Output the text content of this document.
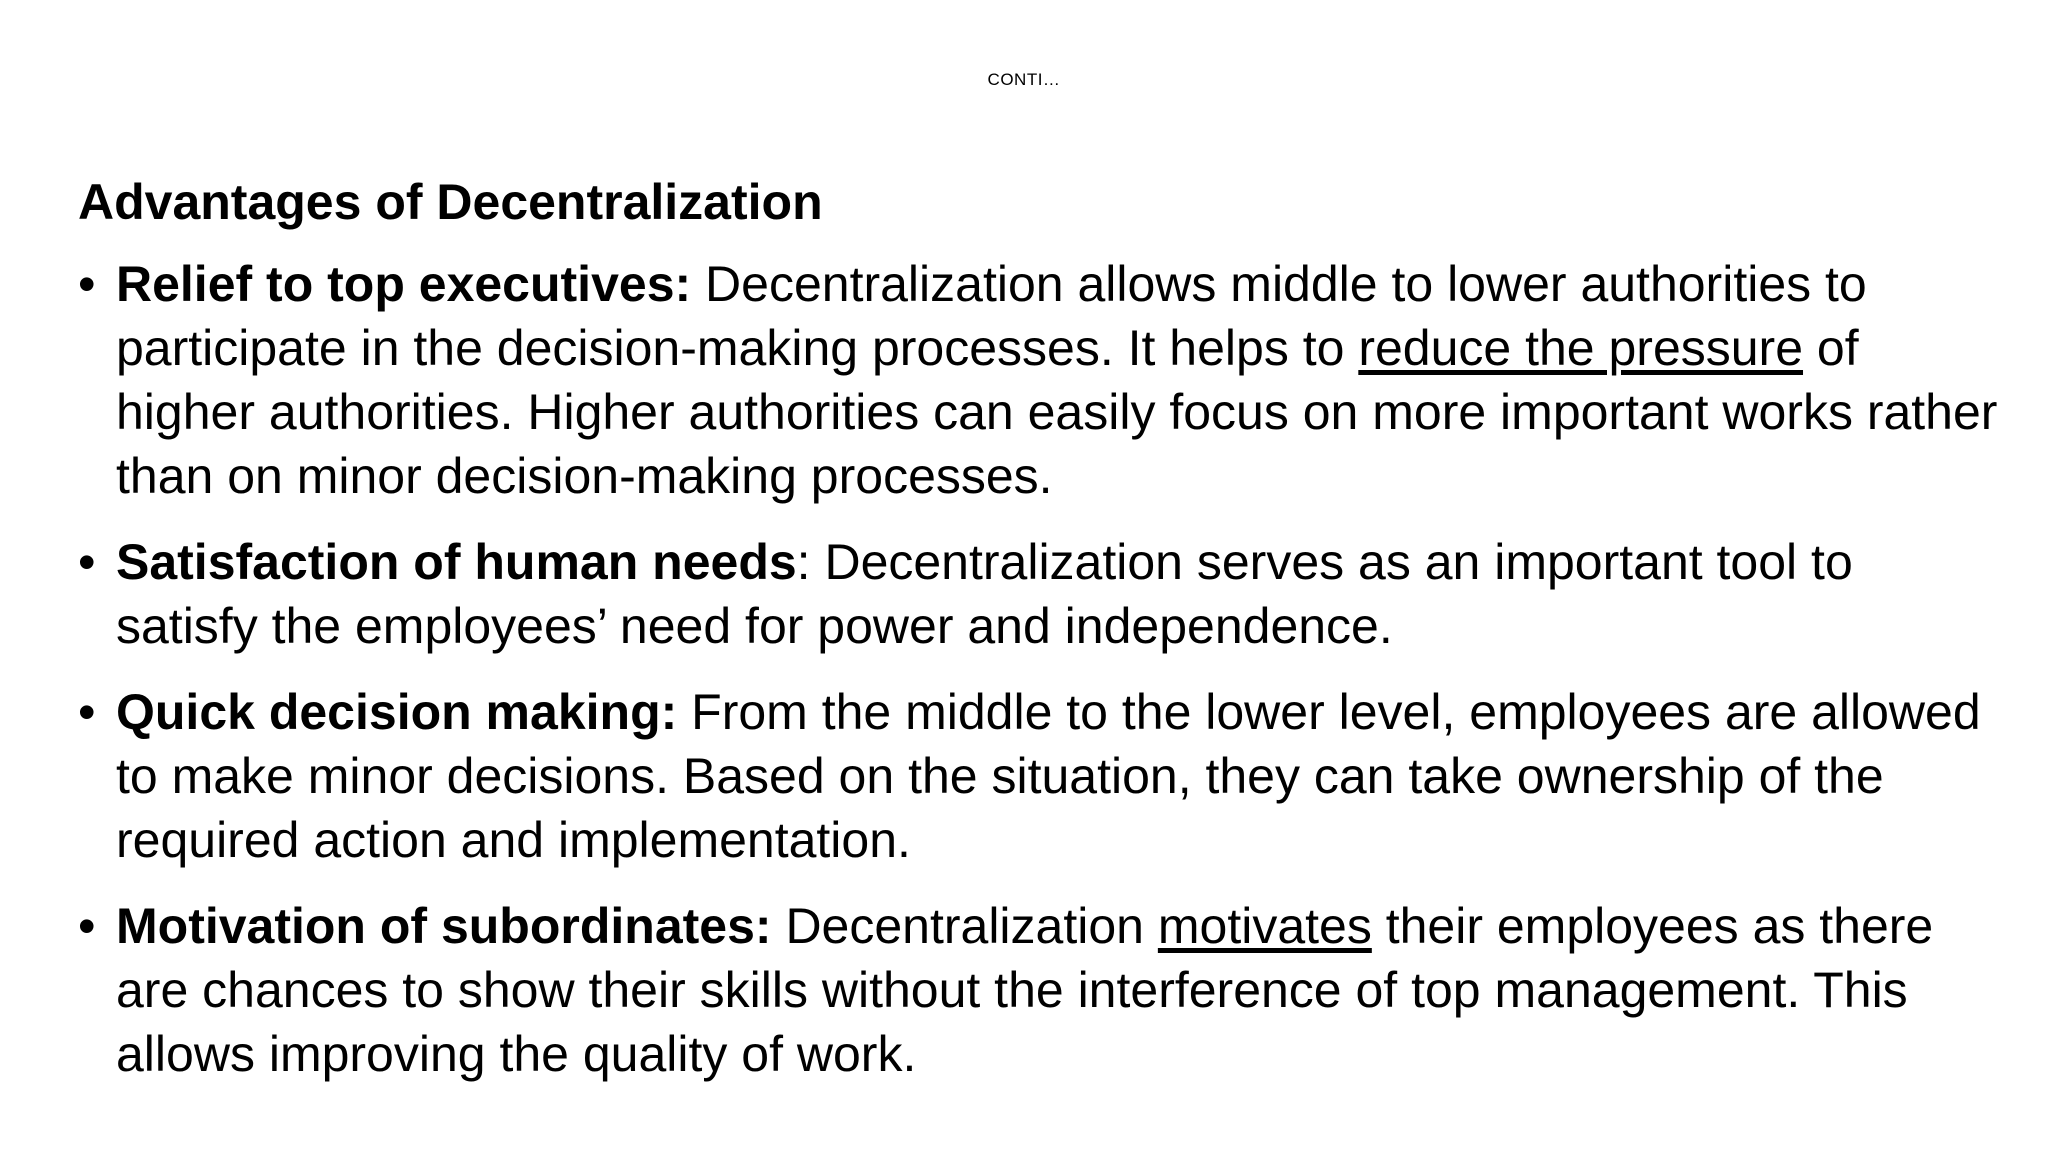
CONTI…
Advantages of Decentralization
• Relief to top executives: Decentralization allows middle to lower authorities to participate in the decision-making processes. It helps to reduce the pressure of higher authorities. Higher authorities can easily focus on more important works rather than on minor decision-making processes.
• Satisfaction of human needs: Decentralization serves as an important tool to satisfy the employees’ need for power and independence.
• Quick decision making: From the middle to the lower level, employees are allowed to make minor decisions. Based on the situation, they can take ownership of the required action and implementation.
• Motivation of subordinates: Decentralization motivates their employees as there are chances to show their skills without the interference of top management. This allows improving the quality of work.
